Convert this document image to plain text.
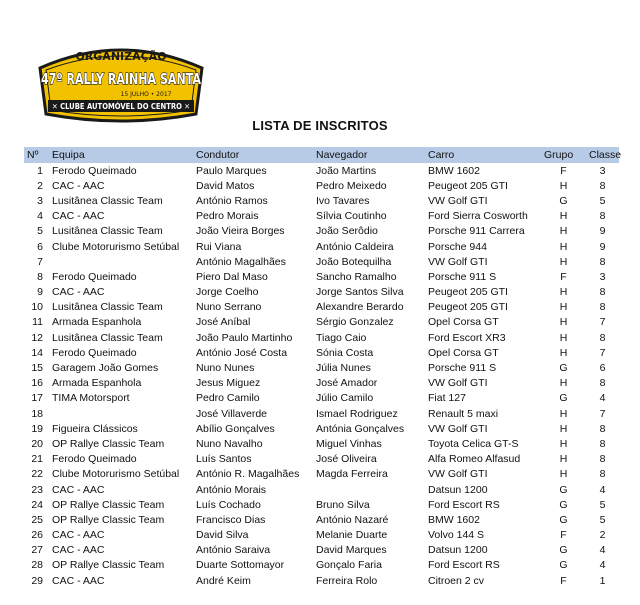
ORGANIZAÇÃO
47º RALLY RAINHA SANTA
15 JULHO • 2017
✕ CLUBE AUTOMÓVEL DO CENTRO ✕
LISTA DE INSCRITOS
Nº	Equipa	Condutor	Navegador	Carro	Grupo	Classe
1	Ferodo Queimado	Paulo Marques	João Martins	BMW 1602	F	3
2	CAC - AAC	David Matos	Pedro Meixedo	Peugeot 205 GTI	H	8
3	Lusitânea Classic Team	António Ramos	Ivo Tavares	VW Golf GTI	G	5
4	CAC - AAC	Pedro Morais	Sílvia Coutinho	Ford Sierra Cosworth	H	8
5	Lusitânea Classic Team	João Vieira Borges	João Serôdio	Porsche 911 Carrera	H	9
6	Clube Motorurismo Setúbal	Rui Viana	António Caldeira	Porsche 944	H	9
7		António Magalhães	João Botequilha	VW Golf GTI	H	8
8	Ferodo Queimado	Piero Dal Maso	Sancho Ramalho	Porsche 911 S	F	3
9	CAC - AAC	Jorge Coelho	Jorge Santos Silva	Peugeot 205 GTI	H	8
10	Lusitânea Classic Team	Nuno Serrano	Alexandre Berardo	Peugeot 205 GTI	H	8
11	Armada Espanhola	José Aníbal	Sérgio Gonzalez	Opel Corsa GT	H	7
12	Lusitânea Classic Team	João Paulo Martinho	Tiago Caio	Ford Escort XR3	H	8
14	Ferodo Queimado	António José Costa	Sónia Costa	Opel Corsa GT	H	7
15	Garagem João Gomes	Nuno Nunes	Júlia Nunes	Porsche 911 S	G	6
16	Armada Espanhola	Jesus Miguez	José Amador	VW Golf GTI	H	8
17	TIMA Motorsport	Pedro Camilo	Júlio Camilo	Fiat 127	G	4
18		José Villaverde	Ismael Rodriguez	Renault 5 maxi	H	7
19	Figueira Clássicos	Abílio Gonçalves	Antónia Gonçalves	VW Golf GTI	H	8
20	OP Rallye Classic Team	Nuno Navalho	Miguel Vinhas	Toyota Celica GT-S	H	8
21	Ferodo Queimado	Luís Santos	José Oliveira	Alfa Romeo Alfasud	H	8
22	Clube Motorurismo Setúbal	António R. Magalhães	Magda Ferreira	VW Golf GTI	H	8
23	CAC - AAC	António Morais		Datsun 1200	G	4
24	OP Rallye Classic Team	Luís Cochado	Bruno Silva	Ford Escort RS	G	5
25	OP Rallye Classic Team	Francisco Dias	António Nazaré	BMW 1602	G	5
26	CAC - AAC	David Silva	Melanie Duarte	Volvo 144 S	F	2
27	CAC - AAC	António Saraiva	David Marques	Datsun 1200	G	4
28	OP Rallye Classic Team	Duarte Sottomayor	Gonçalo Faria	Ford Escort RS	G	4
29	CAC - AAC	André Keim	Ferreira Rolo	Citroen 2 cv	F	1
